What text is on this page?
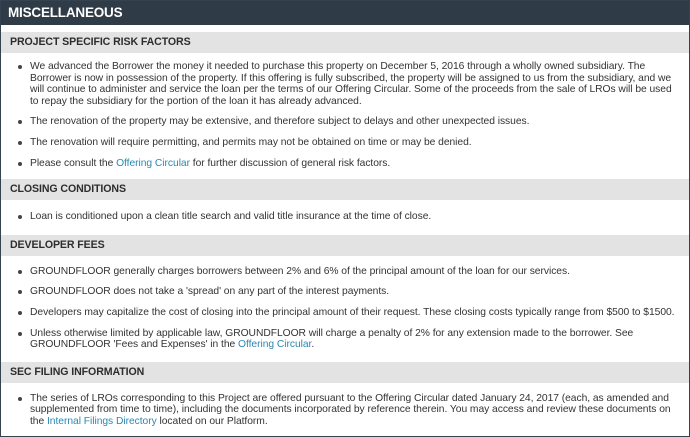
MISCELLANEOUS
PROJECT SPECIFIC RISK FACTORS
We advanced the Borrower the money it needed to purchase this property on December 5, 2016 through a wholly owned subsidiary. The Borrower is now in possession of the property. If this offering is fully subscribed, the property will be assigned to us from the subsidiary, and we will continue to administer and service the loan per the terms of our Offering Circular. Some of the proceeds from the sale of LROs will be used to repay the subsidiary for the portion of the loan it has already advanced.
The renovation of the property may be extensive, and therefore subject to delays and other unexpected issues.
The renovation will require permitting, and permits may not be obtained on time or may be denied.
Please consult the Offering Circular for further discussion of general risk factors.
CLOSING CONDITIONS
Loan is conditioned upon a clean title search and valid title insurance at the time of close.
DEVELOPER FEES
GROUNDFLOOR generally charges borrowers between 2% and 6% of the principal amount of the loan for our services.
GROUNDFLOOR does not take a 'spread' on any part of the interest payments.
Developers may capitalize the cost of closing into the principal amount of their request. These closing costs typically range from $500 to $1500.
Unless otherwise limited by applicable law, GROUNDFLOOR will charge a penalty of 2% for any extension made to the borrower. See GROUNDFLOOR 'Fees and Expenses' in the Offering Circular.
SEC FILING INFORMATION
The series of LROs corresponding to this Project are offered pursuant to the Offering Circular dated January 24, 2017 (each, as amended and supplemented from time to time), including the documents incorporated by reference therein. You may access and review these documents on the Internal Filings Directory located on our Platform.
